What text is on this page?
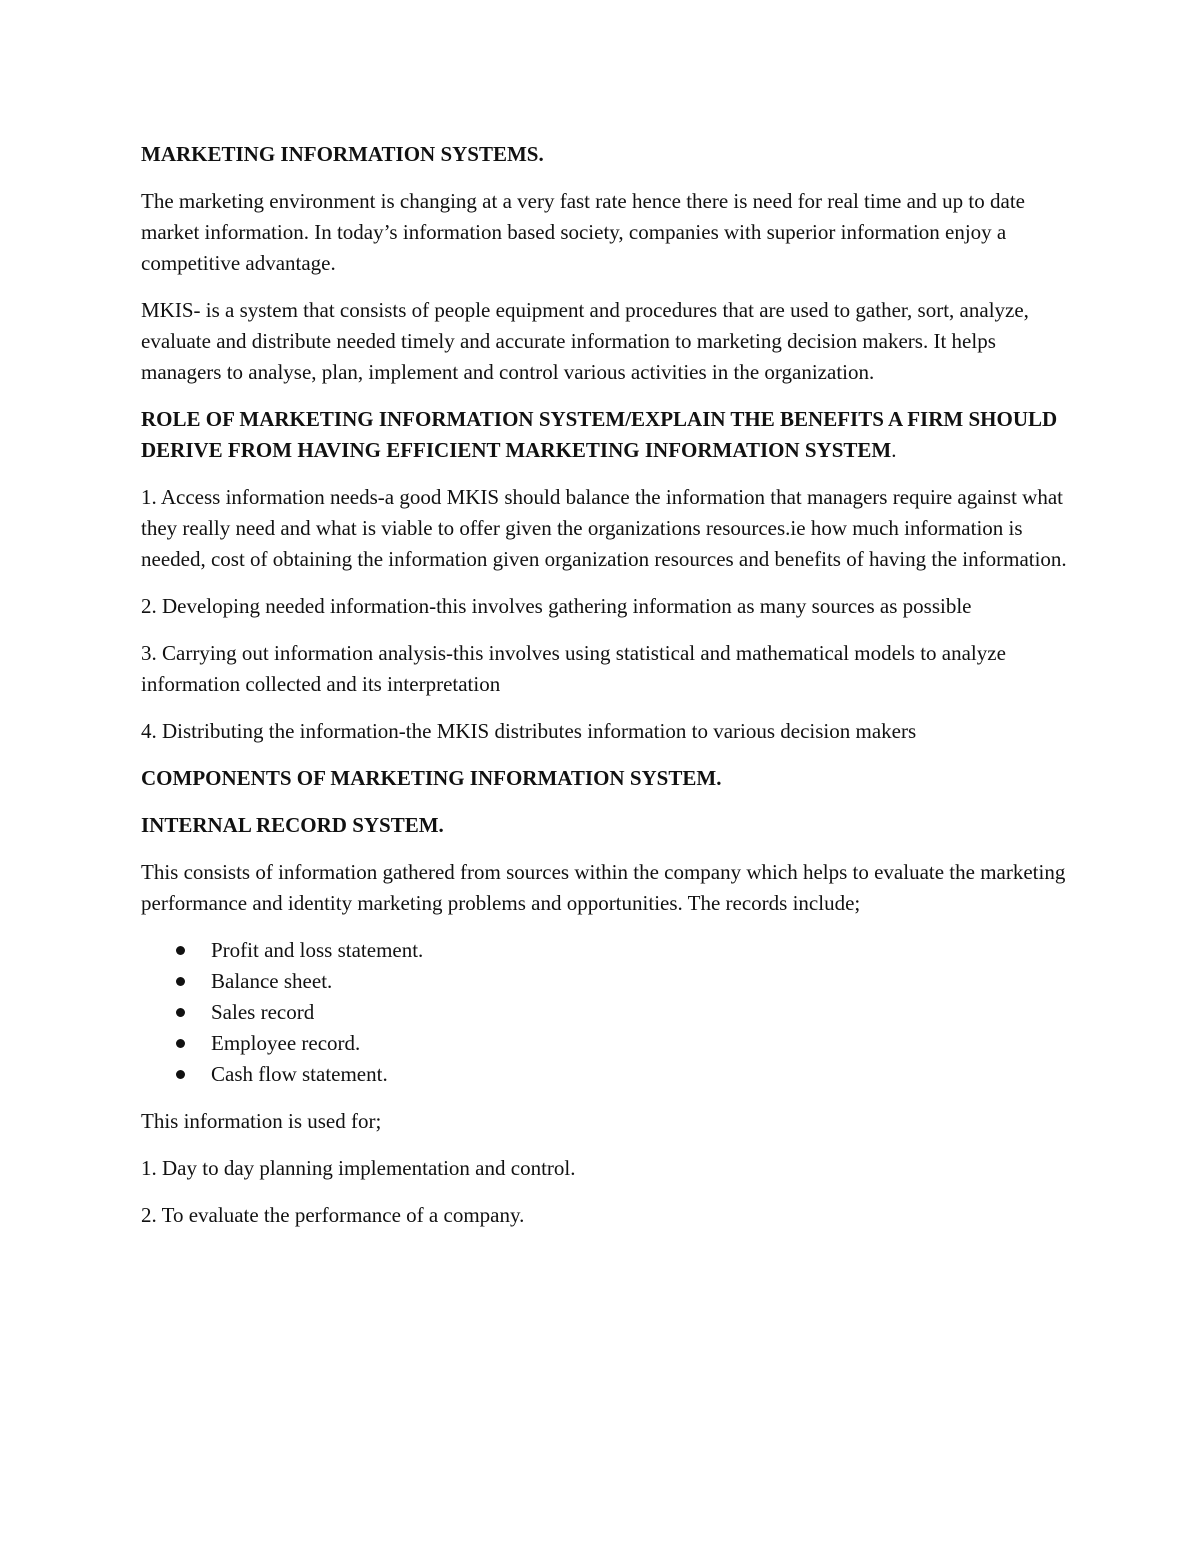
MARKETING INFORMATION SYSTEMS.

The marketing environment is changing at a very fast rate hence there is need for real time and up to date market information. In today’s information based society, companies with superior information enjoy a competitive advantage.

MKIS- is a system that consists of people equipment and procedures that are used to gather, sort, analyze, evaluate and distribute needed timely and accurate information to marketing decision makers. It helps managers to analyse, plan, implement and control various activities in the organization.

ROLE OF MARKETING INFORMATION SYSTEM/EXPLAIN THE BENEFITS A FIRM SHOULD DERIVE FROM HAVING EFFICIENT MARKETING INFORMATION SYSTEM.

1. Access information needs-a good MKIS should balance the information that managers require against what they really need and what is viable to offer given the organizations resources.ie how much information is needed, cost of obtaining the information given organization resources and benefits of having the information.

2. Developing needed information-this involves gathering information as many sources as possible

3. Carrying out information analysis-this involves using statistical and mathematical models to analyze information collected and its interpretation

4. Distributing the information-the MKIS distributes information to various decision makers

COMPONENTS OF MARKETING INFORMATION SYSTEM.

INTERNAL RECORD SYSTEM.

This consists of information gathered from sources within the company which helps to evaluate the marketing performance and identity marketing problems and opportunities. The records include;

Profit and loss statement.
Balance sheet.
Sales record
Employee record.
Cash flow statement.

This information is used for;

1. Day to day planning implementation and control.

2. To evaluate the performance of a company.
